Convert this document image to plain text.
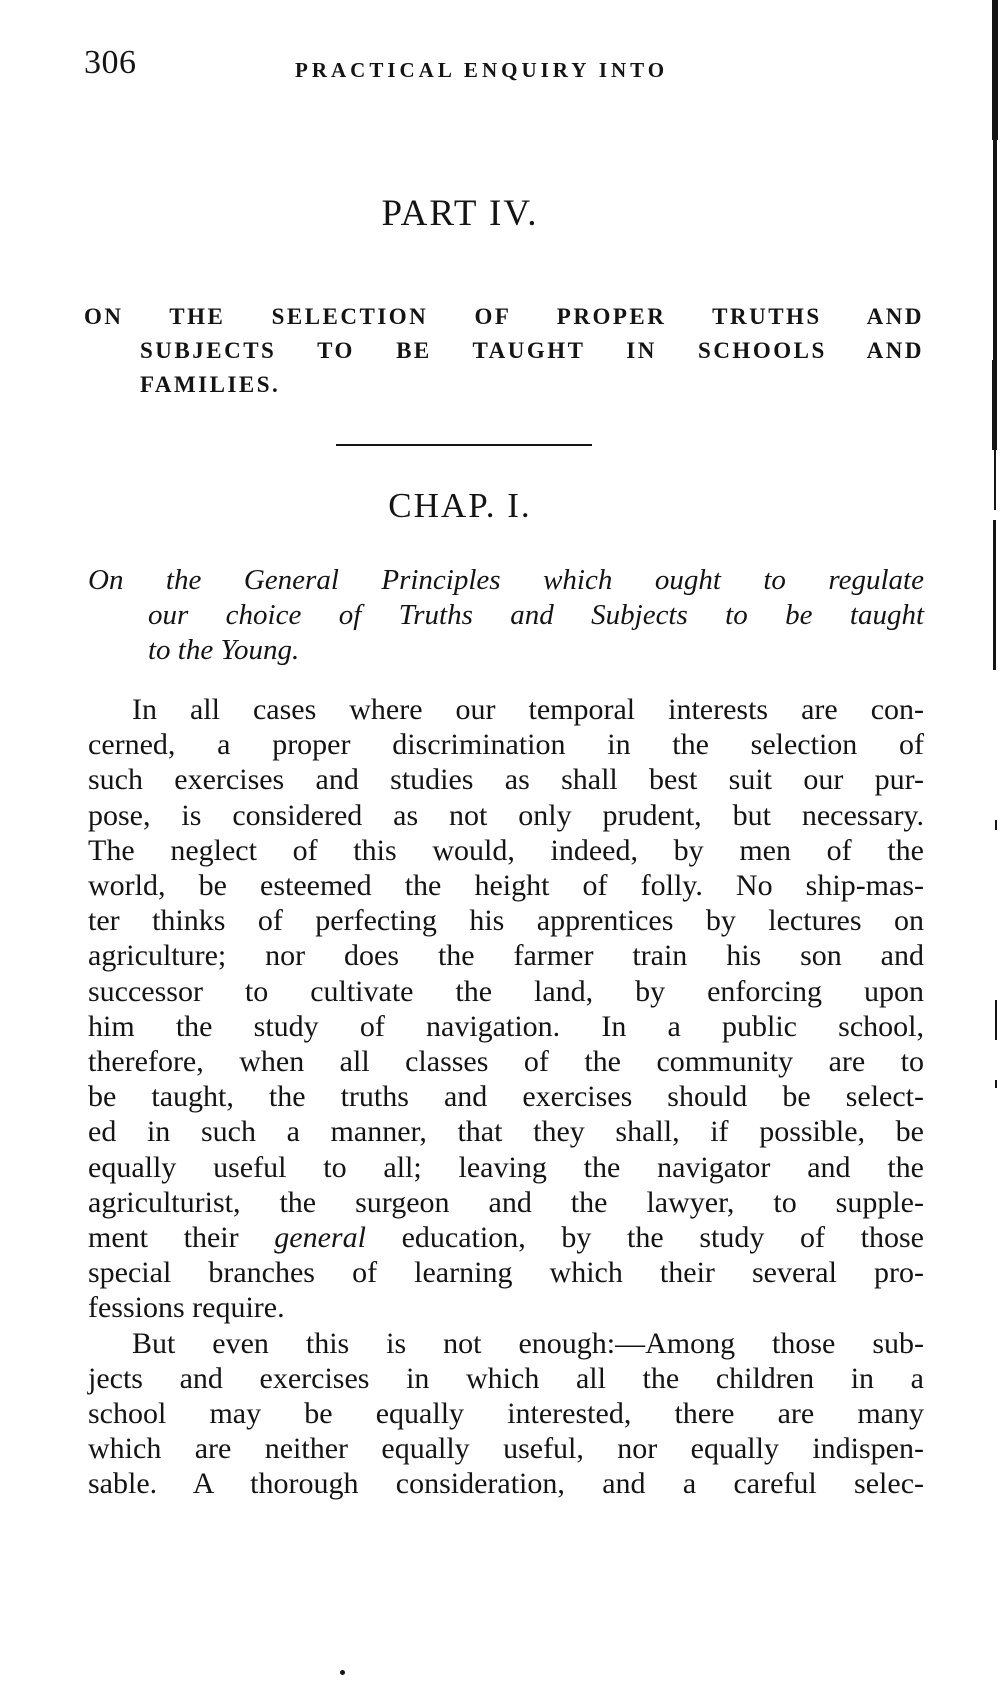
306	PRACTICAL ENQUIRY INTO
PART IV.
ON THE SELECTION OF PROPER TRUTHS AND
SUBJECTS TO BE TAUGHT IN SCHOOLS AND
FAMILIES.
CHAP. I.
On the General Principles which ought to regulate
our choice of Truths and Subjects to be taught
to the Young.
In all cases where our temporal interests are con-
cerned, a proper discrimination in the selection of
such exercises and studies as shall best suit our pur-
pose, is considered as not only prudent, but necessary.
The neglect of this would, indeed, by men of the
world, be esteemed the height of folly. No ship-mas-
ter thinks of perfecting his apprentices by lectures on
agriculture; nor does the farmer train his son and
successor to cultivate the land, by enforcing upon
him the study of navigation. In a public school,
therefore, when all classes of the community are to
be taught, the truths and exercises should be select-
ed in such a manner, that they shall, if possible, be
equally useful to all; leaving the navigator and the
agriculturist, the surgeon and the lawyer, to supple-
ment their general education, by the study of those
special branches of learning which their several pro-
fessions require.
But even this is not enough:—Among those sub-
jects and exercises in which all the children in a
school may be equally interested, there are many
which are neither equally useful, nor equally indispen-
sable. A thorough consideration, and a careful selec-
